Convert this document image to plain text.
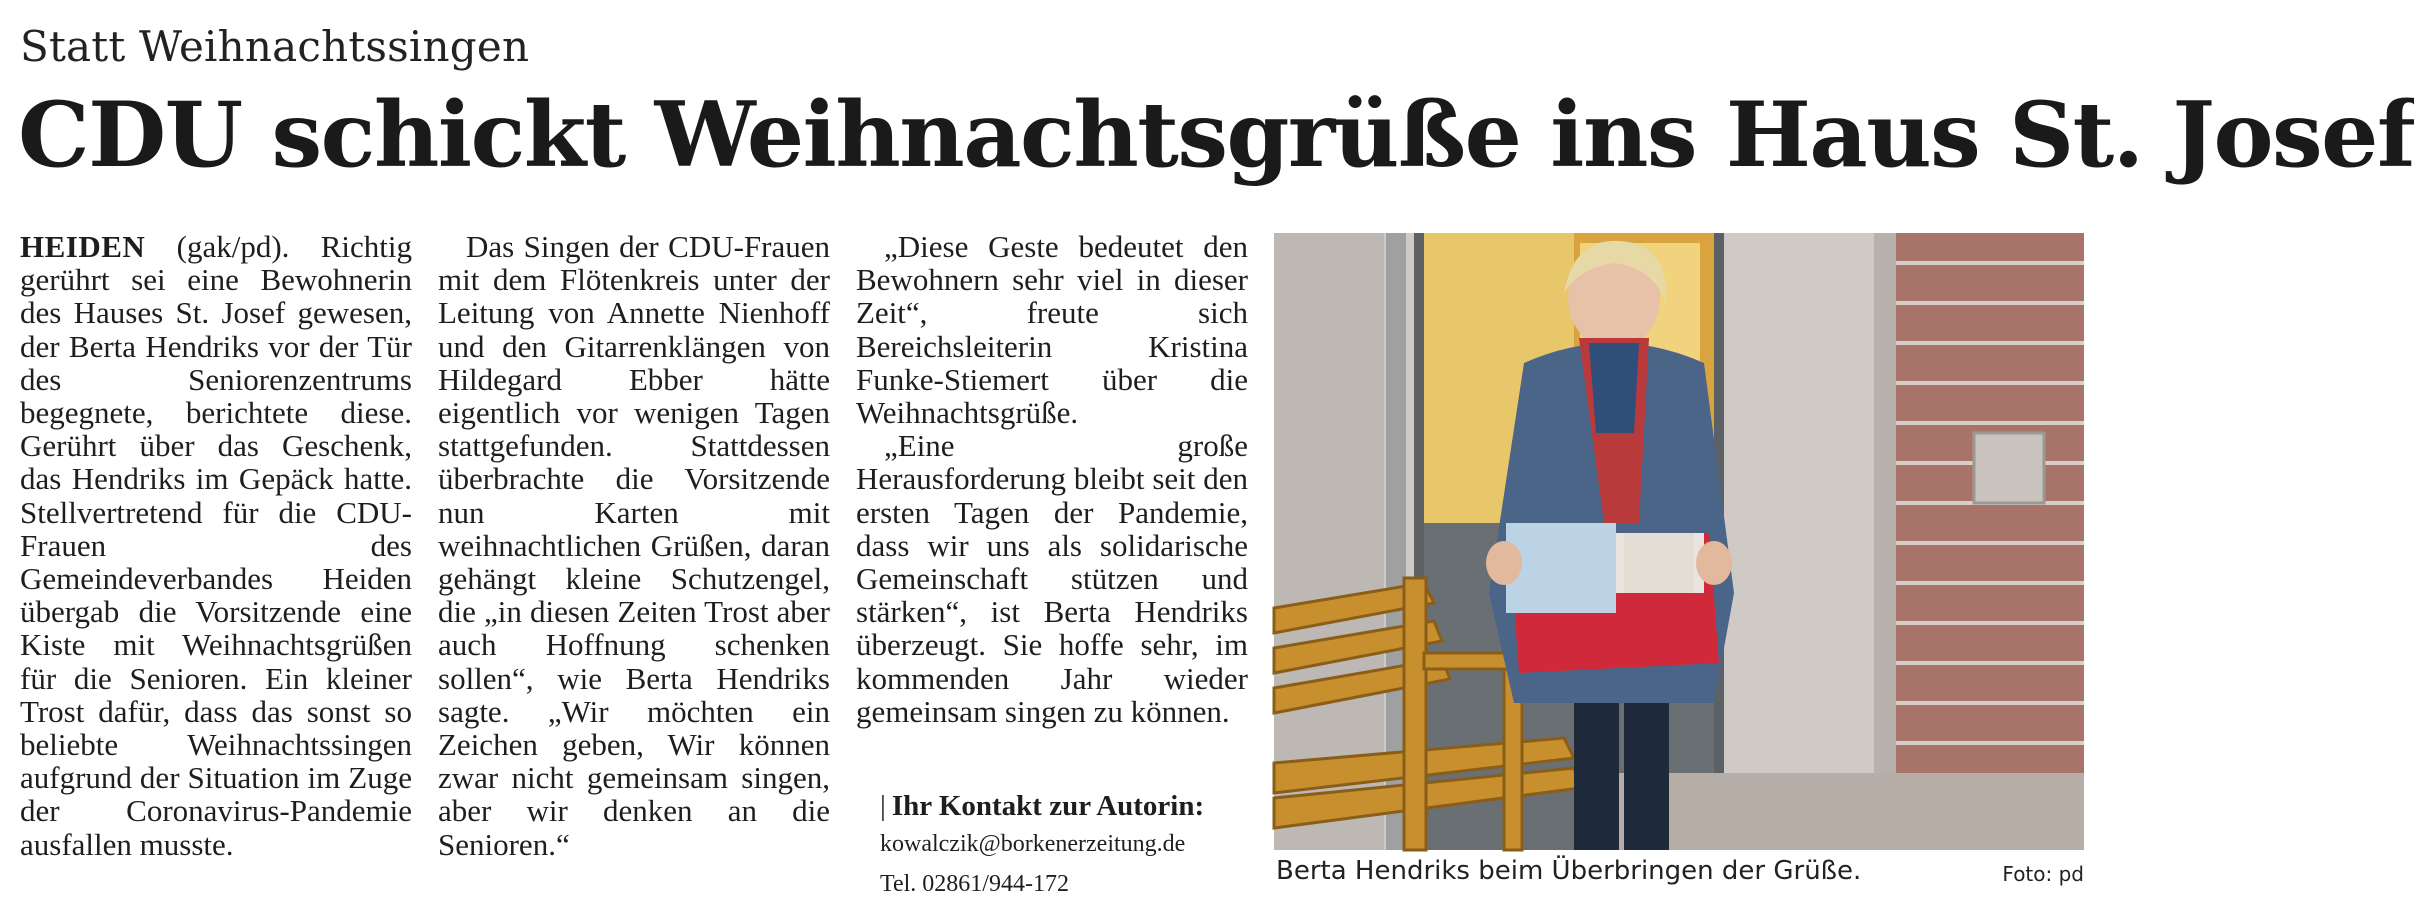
Statt Weihnachtssingen
CDU schickt Weihnachtsgrüße ins Haus St. Josef

HEIDEN (gak/pd). Richtig gerührt sei eine Bewohnerin des Hauses St. Josef gewesen, der Berta Hendriks vor der Tür des Seniorenzentrums begegnete, berichtete diese. Gerührt über das Geschenk, das Hendriks im Gepäck hatte. Stellvertretend für die CDU-Frauen des Gemeindeverbandes Heiden übergab die Vorsitzende eine Kiste mit Weihnachtsgrüßen für die Senioren. Ein kleiner Trost dafür, dass das sonst so beliebte Weihnachtssingen aufgrund der Situation im Zuge der Coronavirus-Pandemie ausfallen musste.

Das Singen der CDU-Frauen mit dem Flötenkreis unter der Leitung von Annette Nienhoff und den Gitarrenklängen von Hildegard Ebber hätte eigentlich vor wenigen Tagen stattgefunden. Stattdessen überbrachte die Vorsitzende nun Karten mit weihnachtlichen Grüßen, daran gehängt kleine Schutzengel, die „in diesen Zeiten Trost aber auch Hoffnung schenken sollen“, wie Berta Hendriks sagte. „Wir möchten ein Zeichen geben, Wir können zwar nicht gemeinsam singen, aber wir denken an die Senioren.“

„Diese Geste bedeutet den Bewohnern sehr viel in dieser Zeit“, freute sich Bereichsleiterin Kristina Funke-Stiemert über die Weihnachtsgrüße.

„Eine große Herausforderung bleibt seit den ersten Tagen der Pandemie, dass wir uns als solidarische Gemeinschaft stützen und stärken“, ist Berta Hendriks überzeugt. Sie hoffe sehr, im kommenden Jahr wieder gemeinsam singen zu können.

| Ihr Kontakt zur Autorin:
kowalczik@borkenerzeitung.de
Tel. 02861/944-172	Berta Hendriks beim Überbringen der Grüße.	Foto: pd
